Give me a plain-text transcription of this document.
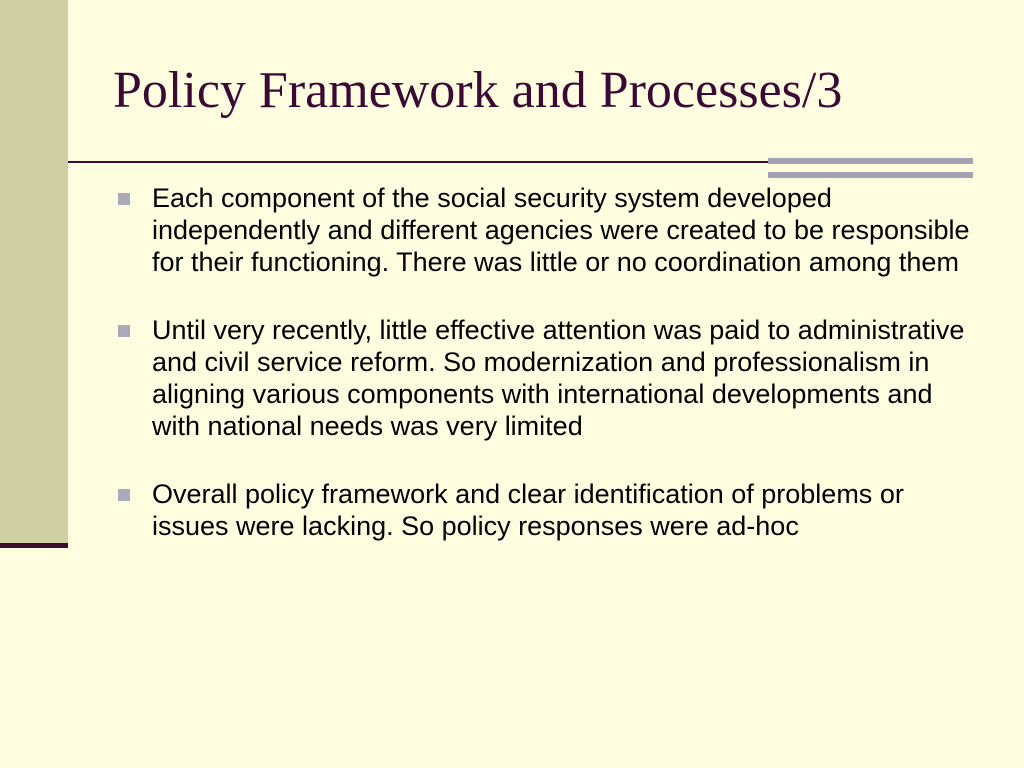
Policy Framework and Processes/3
Each component of the social security system developed independently and different agencies were created to be responsible for their functioning. There was little or no coordination among them
Until very recently, little effective attention was paid to administrative and civil service reform. So modernization and professionalism in aligning various components with international developments and with national needs was very limited
Overall policy framework and clear identification of problems or issues were lacking. So policy responses were ad-hoc
